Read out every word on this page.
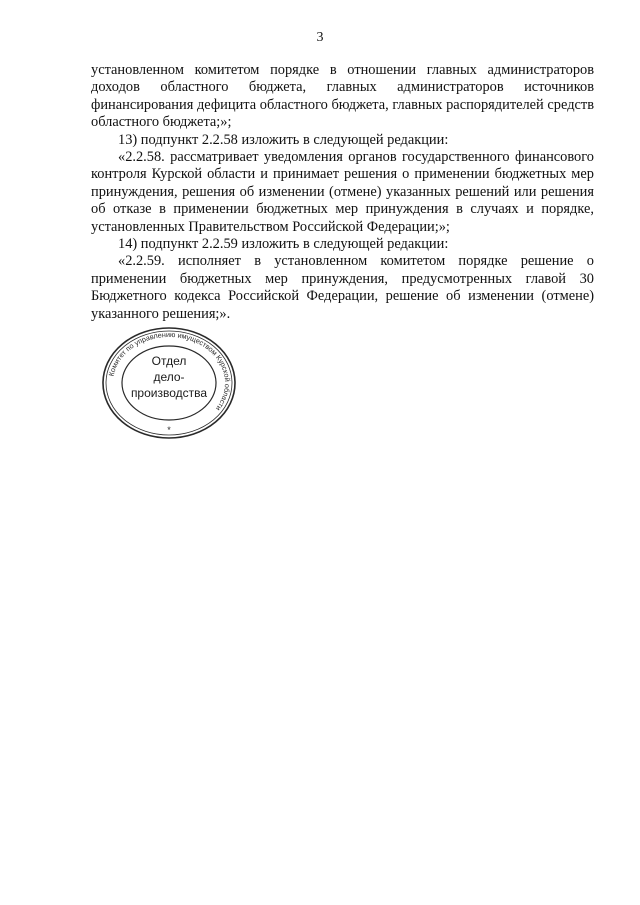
3

установленном комитетом порядке в отношении главных администраторов доходов областного бюджета, главных администраторов источников финансирования дефицита областного бюджета, главных распорядителей средств областного бюджета;»;

13) подпункт 2.2.58 изложить в следующей редакции:

«2.2.58. рассматривает уведомления органов государственного финансового контроля Курской области и принимает решения о применении бюджетных мер принуждения, решения об изменении (отмене) указанных решений или решения об отказе в применении бюджетных мер принуждения в случаях и порядке, установленных Правительством Российской Федерации;»;

14) подпункт 2.2.59 изложить в следующей редакции:

«2.2.59. исполняет в установленном комитетом порядке решение о применении бюджетных мер принуждения, предусмотренных главой 30 Бюджетного кодекса Российской Федерации, решение об изменении (отмене) указанного решения;».

Комитет по управлению имуществом Курской области
*
Отдел
дело-
производства
